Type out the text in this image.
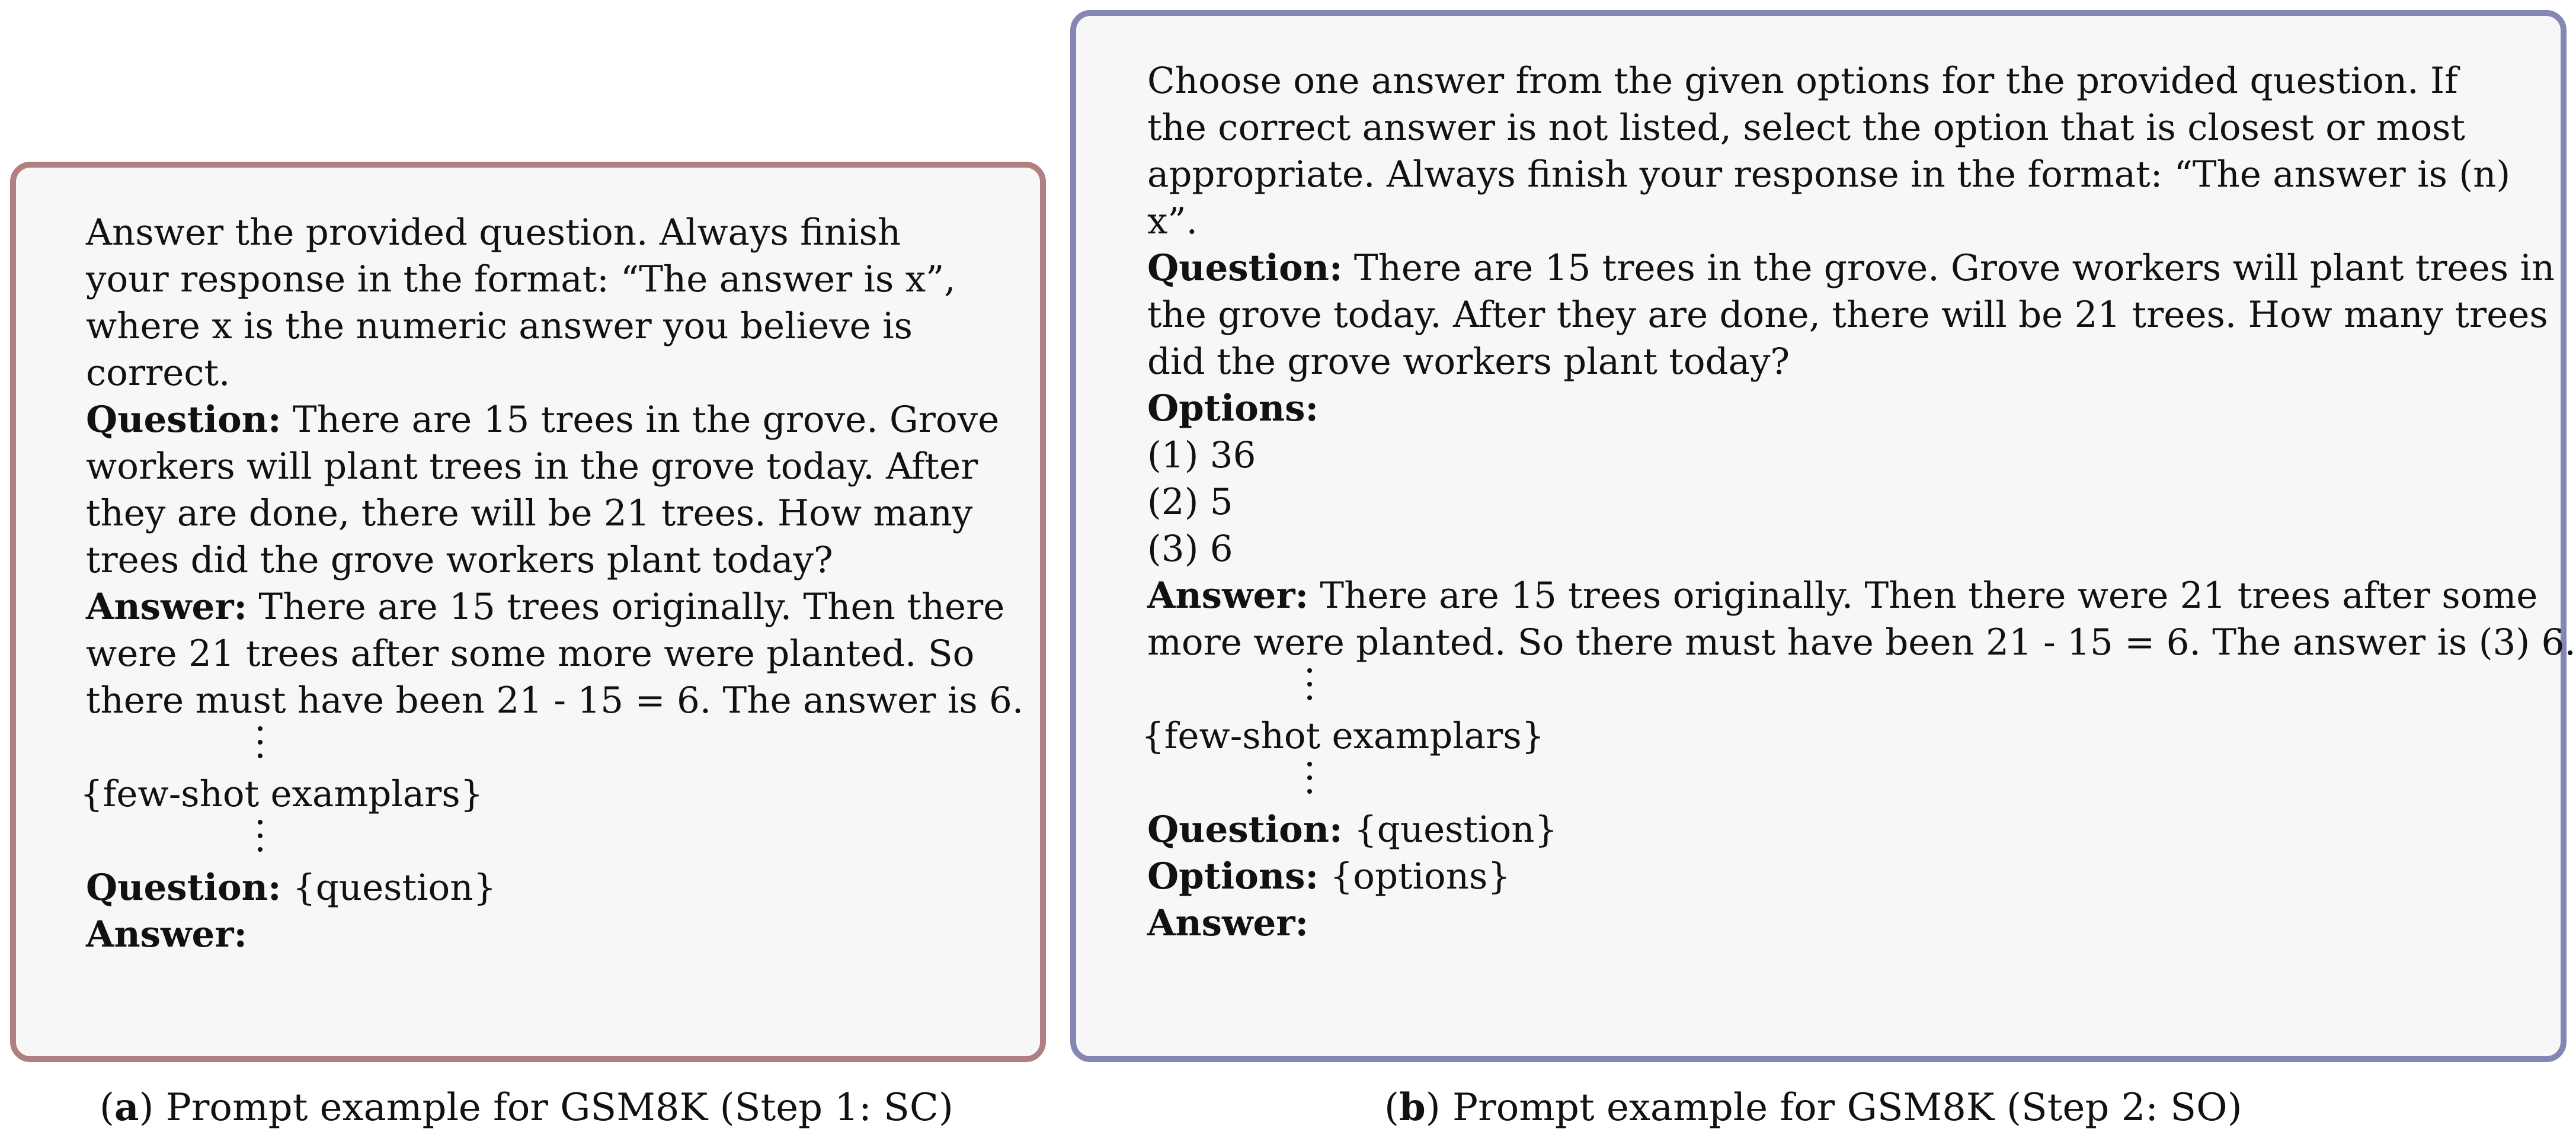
Answer the provided question. Always finish
your response in the format: “The answer is x”,
where x is the numeric answer you believe is
correct.
Question: There are 15 trees in the grove. Grove
workers will plant trees in the grove today. After
they are done, there will be 21 trees. How many
trees did the grove workers plant today?
Answer: There are 15 trees originally. Then there
were 21 trees after some more were planted. So
there must have been 21 - 15 = 6. The answer is 6.
{few-shot examplars}
Question: {question}
Answer:
Choose one answer from the given options for the provided question. If
the correct answer is not listed, select the option that is closest or most
appropriate. Always finish your response in the format: “The answer is (n)
x”.
Question: There are 15 trees in the grove. Grove workers will plant trees in
the grove today. After they are done, there will be 21 trees. How many trees
did the grove workers plant today?
Options:
(1) 36
(2) 5
(3) 6
Answer: There are 15 trees originally. Then there were 21 trees after some
more were planted. So there must have been 21 - 15 = 6. The answer is (3) 6.
{few-shot examplars}
Question: {question}
Options: {options}
Answer:
(a) Prompt example for GSM8K (Step 1: SC)	(b) Prompt example for GSM8K (Step 2: SO)
